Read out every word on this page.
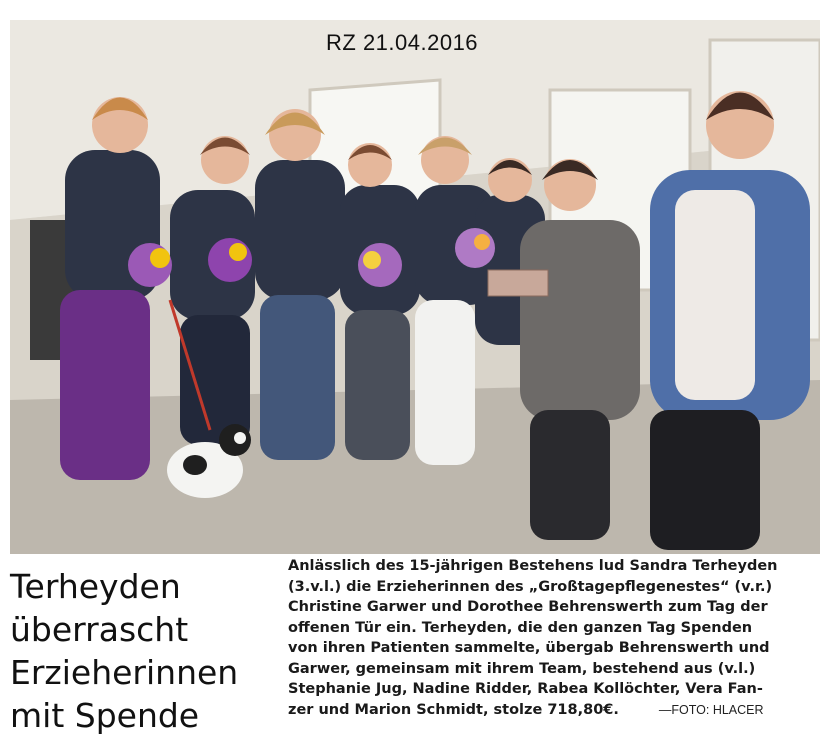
RZ 21.04.2016
Terheyden
überrascht
Erzieherinnen
mit Spende
Anlässlich des 15-jährigen Bestehens lud Sandra Terheyden
(3.v.l.) die Erzieherinnen des „Großtagepflegenestes“ (v.r.)
Christine Garwer und Dorothee Behrenswerth zum Tag der
offenen Tür ein. Terheyden, die den ganzen Tag Spenden
von ihren Patienten sammelte, übergab Behrenswerth und
Garwer, gemeinsam mit ihrem Team, bestehend aus (v.l.)
Stephanie Jug, Nadine Ridder, Rabea Kollöchter, Vera Fan-
zer und Marion Schmidt, stolze 718,80€.	—FOTO: HLACER
